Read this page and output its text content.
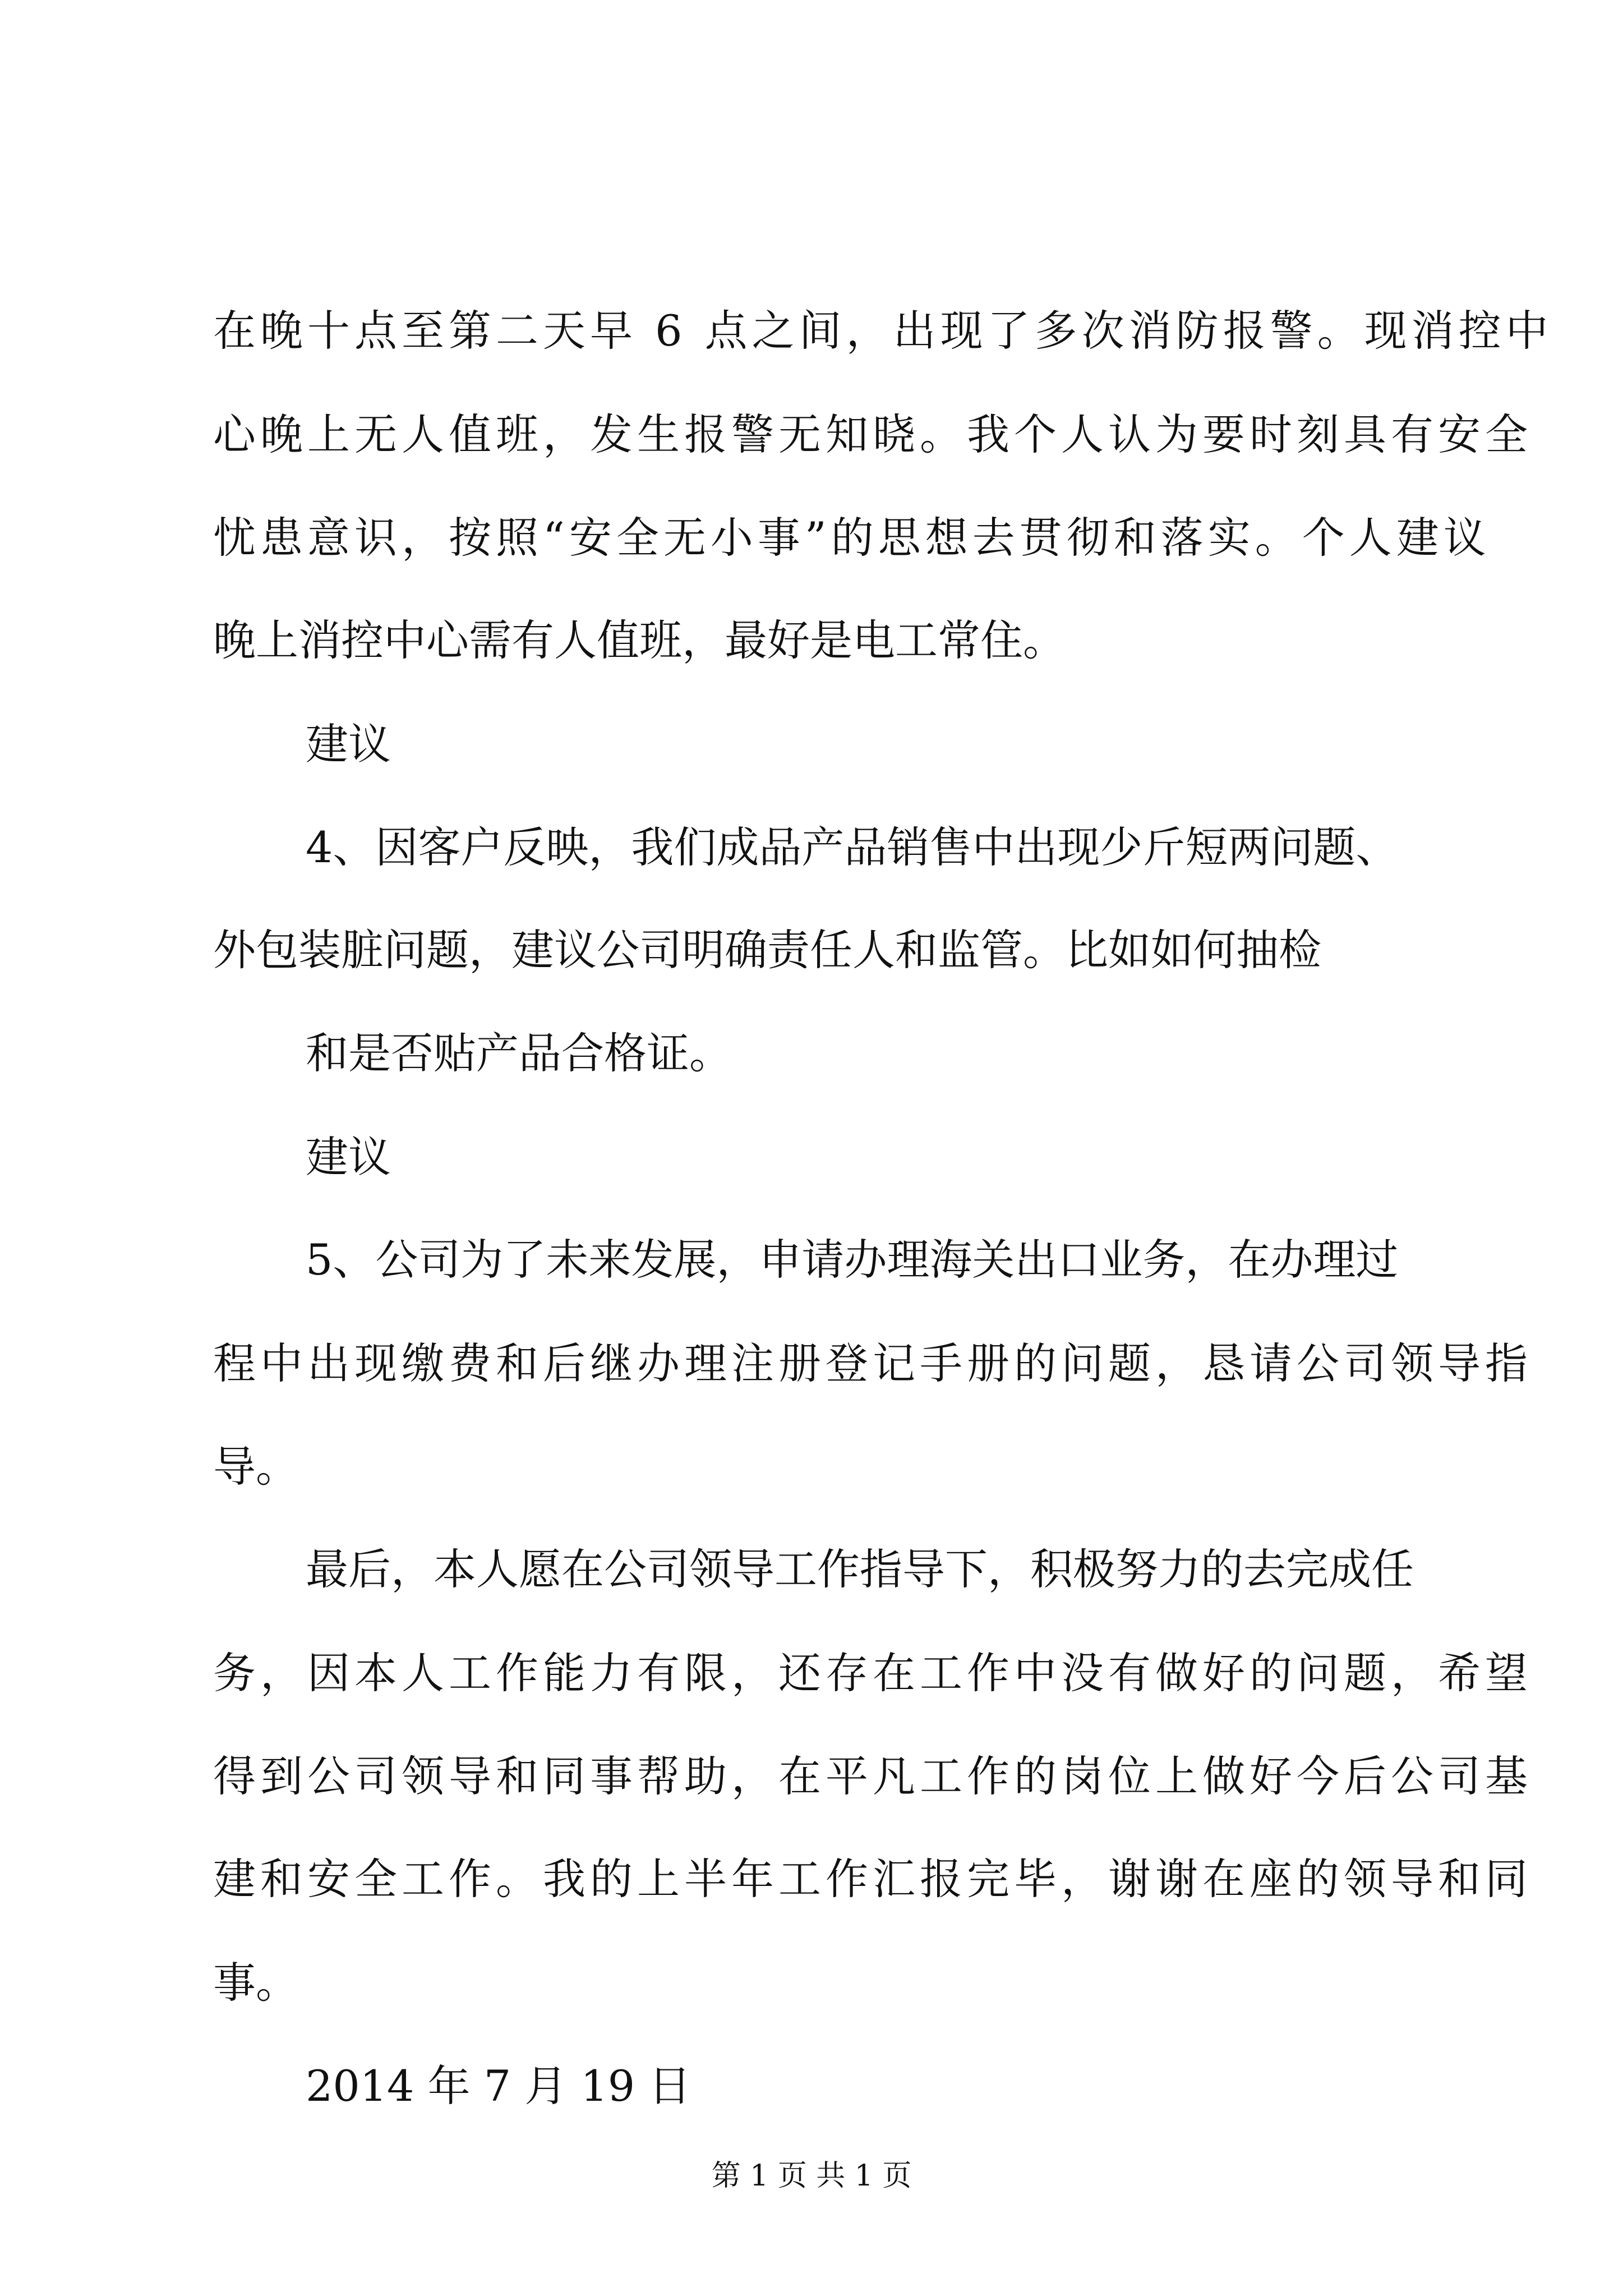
在晚十点至第二天早 6 点之间，出现了多次消防报警。现消控中
心晚上无人值班，发生报警无知晓。我个人认为要时刻具有安全
忧患意识，按照“安全无小事”的思想去贯彻和落实。个人建议
晚上消控中心需有人值班，最好是电工常住。
建议
4、因客户反映，我们成品产品销售中出现少斤短两问题、
外包装脏问题，建议公司明确责任人和监管。比如如何抽检
和是否贴产品合格证。
建议
5、公司为了未来发展，申请办理海关出口业务，在办理过
程中出现缴费和后继办理注册登记手册的问题，恳请公司领导指
导。
最后，本人愿在公司领导工作指导下，积极努力的去完成任
务，因本人工作能力有限，还存在工作中没有做好的问题，希望
得到公司领导和同事帮助，在平凡工作的岗位上做好今后公司基
建和安全工作。我的上半年工作汇报完毕，谢谢在座的领导和同
事。
2014 年 7 月 19 日
第 1 页 共 1 页
